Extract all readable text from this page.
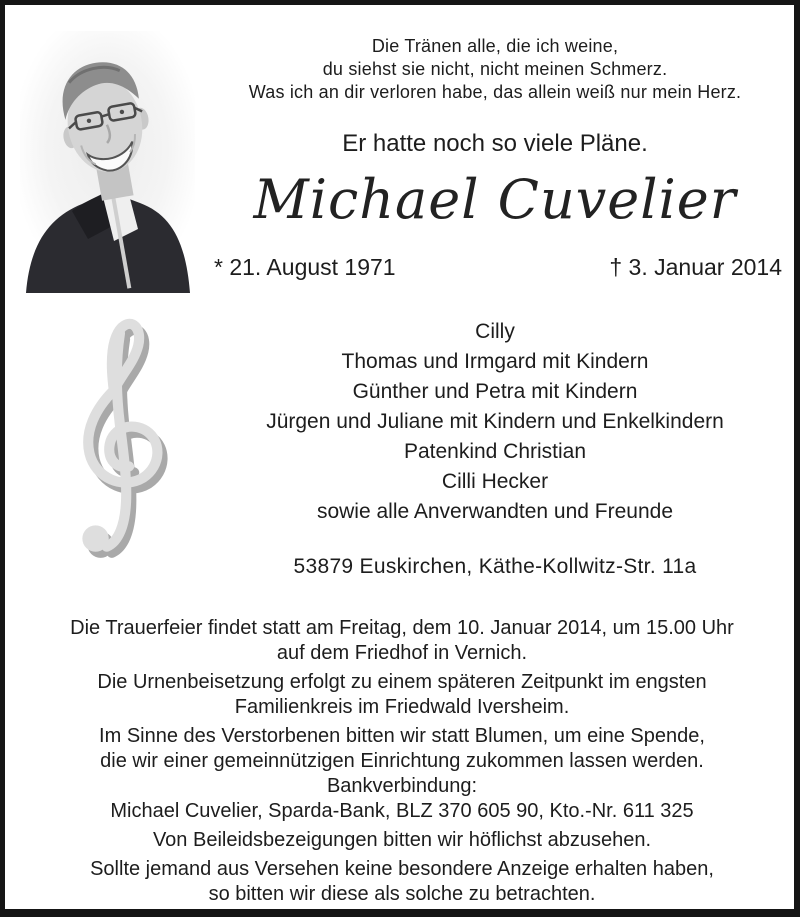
Die Tränen alle, die ich weine,
du siehst sie nicht, nicht meinen Schmerz.
Was ich an dir verloren habe, das allein weiß nur mein Herz.
Er hatte noch so viele Pläne.
Michael Cuvelier
* 21. August 1971	† 3. Januar 2014
Cilly
Thomas und Irmgard mit Kindern
Günther und Petra mit Kindern
Jürgen und Juliane mit Kindern und Enkelkindern
Patenkind Christian
Cilli Hecker
sowie alle Anverwandten und Freunde
53879 Euskirchen, Käthe-Kollwitz-Str. 11a
Die Trauerfeier findet statt am Freitag, dem 10. Januar 2014, um 15.00 Uhr
auf dem Friedhof in Vernich.
Die Urnenbeisetzung erfolgt zu einem späteren Zeitpunkt im engsten
Familienkreis im Friedwald Iversheim.
Im Sinne des Verstorbenen bitten wir statt Blumen, um eine Spende,
die wir einer gemeinnützigen Einrichtung zukommen lassen werden.
Bankverbindung:
Michael Cuvelier, Sparda-Bank, BLZ 370 605 90, Kto.-Nr. 611 325
Von Beileidsbezeigungen bitten wir höflichst abzusehen.
Sollte jemand aus Versehen keine besondere Anzeige erhalten haben,
so bitten wir diese als solche zu betrachten.
